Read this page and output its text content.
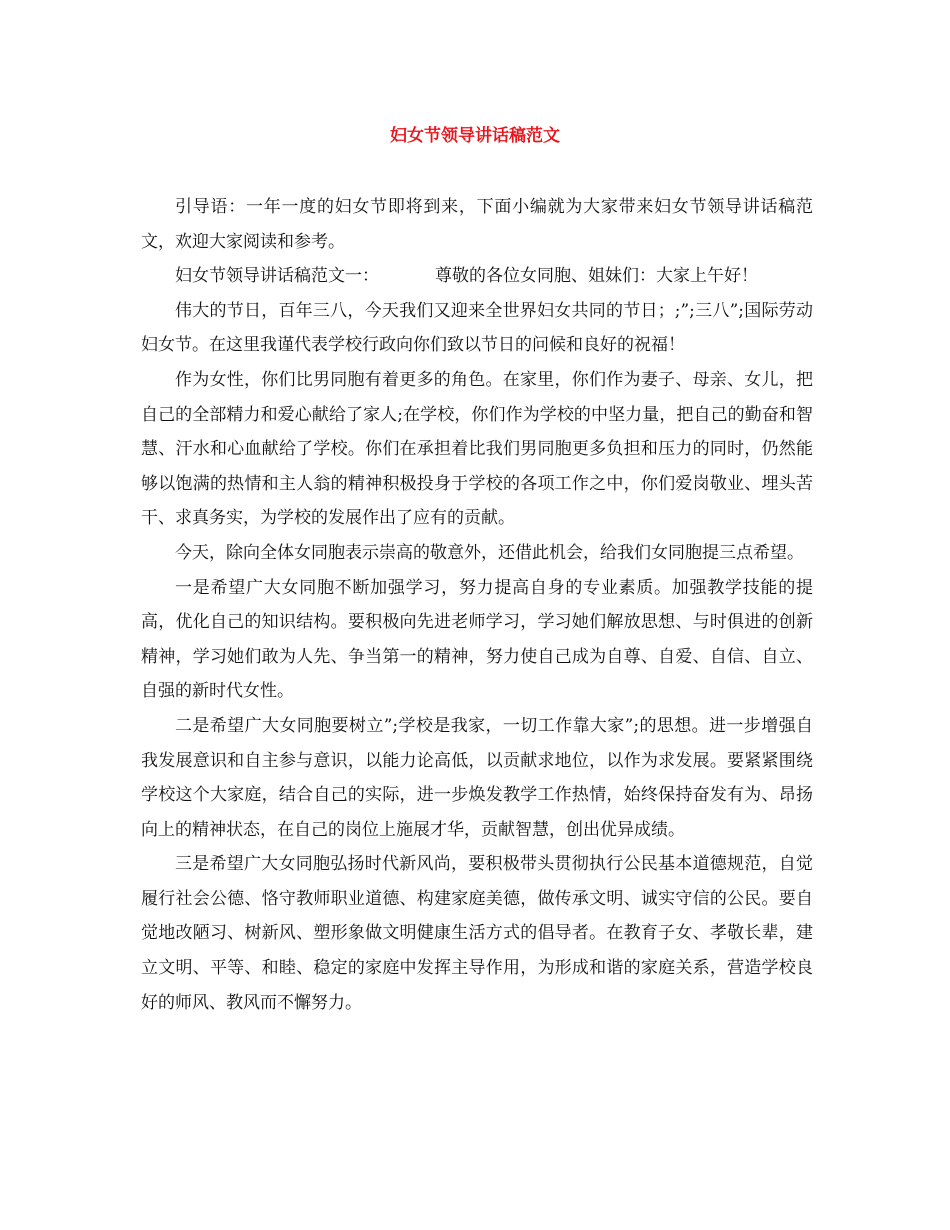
妇女节领导讲话稿范文

引导语：一年一度的妇女节即将到来，下面小编就为大家带来妇女节领导讲话稿范文，欢迎大家阅读和参考。

妇女节领导讲话稿范文一：	尊敬的各位女同胞、姐妹们：大家上午好！

伟大的节日，百年三八，今天我们又迎来全世界妇女共同的节日；;”;三八”;国际劳动妇女节。在这里我谨代表学校行政向你们致以节日的问候和良好的祝福！

作为女性，你们比男同胞有着更多的角色。在家里，你们作为妻子、母亲、女儿，把自己的全部精力和爱心献给了家人;在学校，你们作为学校的中坚力量，把自己的勤奋和智慧、汗水和心血献给了学校。你们在承担着比我们男同胞更多负担和压力的同时，仍然能够以饱满的热情和主人翁的精神积极投身于学校的各项工作之中，你们爱岗敬业、埋头苦干、求真务实，为学校的发展作出了应有的贡献。

今天，除向全体女同胞表示崇高的敬意外，还借此机会，给我们女同胞提三点希望。

一是希望广大女同胞不断加强学习，努力提高自身的专业素质。加强教学技能的提高，优化自己的知识结构。要积极向先进老师学习，学习她们解放思想、与时俱进的创新精神，学习她们敢为人先、争当第一的精神，努力使自己成为自尊、自爱、自信、自立、自强的新时代女性。

二是希望广大女同胞要树立”;学校是我家，一切工作靠大家”;的思想。进一步增强自我发展意识和自主参与意识，以能力论高低，以贡献求地位，以作为求发展。要紧紧围绕学校这个大家庭，结合自己的实际，进一步焕发教学工作热情，始终保持奋发有为、昂扬向上的精神状态，在自己的岗位上施展才华，贡献智慧，创出优异成绩。

三是希望广大女同胞弘扬时代新风尚，要积极带头贯彻执行公民基本道德规范，自觉履行社会公德、恪守教师职业道德、构建家庭美德，做传承文明、诚实守信的公民。要自觉地改陋习、树新风、塑形象做文明健康生活方式的倡导者。在教育子女、孝敬长辈，建立文明、平等、和睦、稳定的家庭中发挥主导作用，为形成和谐的家庭关系，营造学校良好的师风、教风而不懈努力。
